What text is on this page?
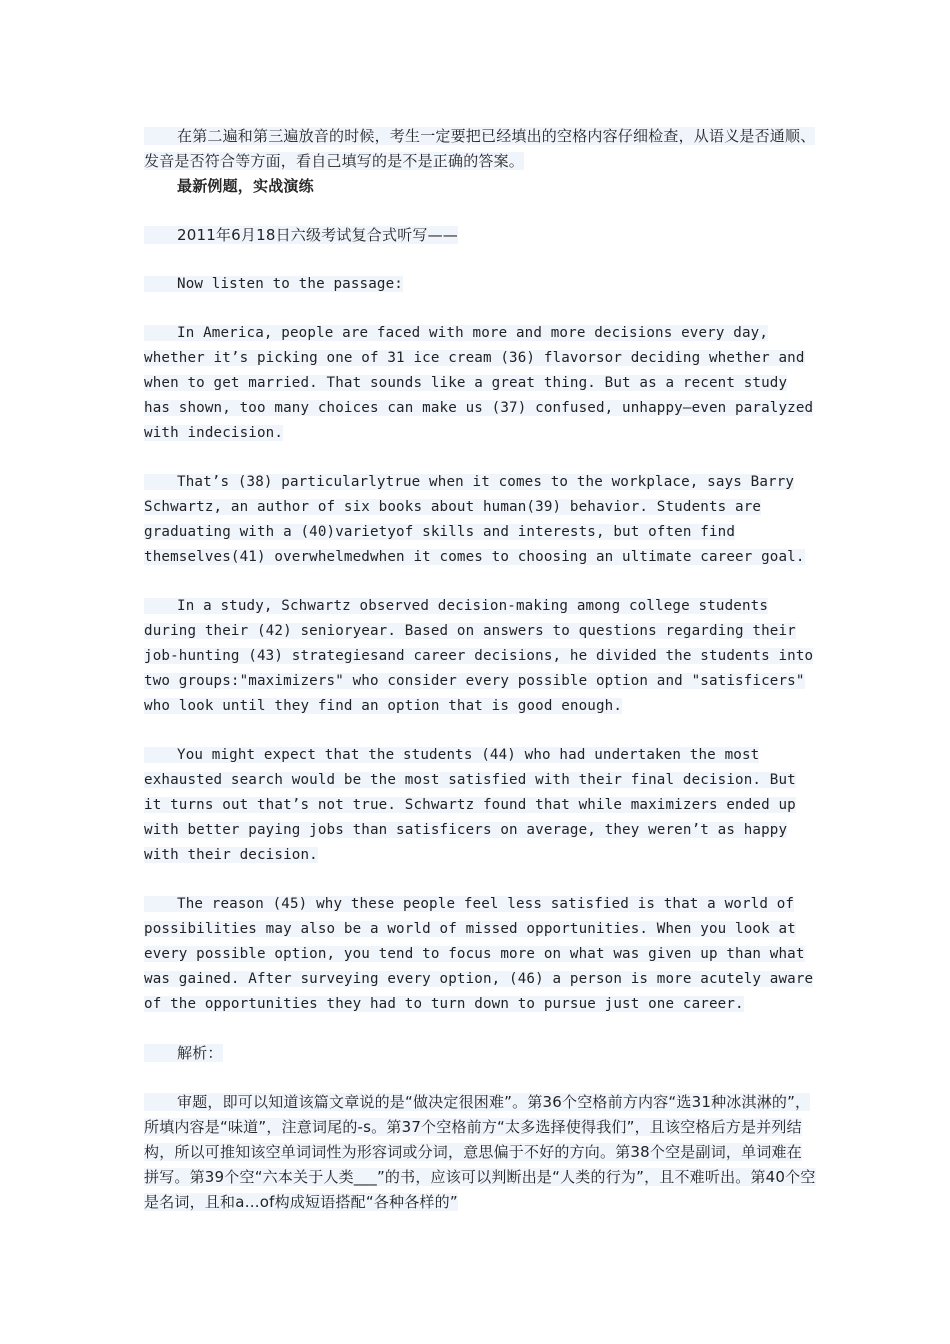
在第二遍和第三遍放音的时候，考生一定要把已经填出的空格内容仔细检查，从语义是否通顺、发音是否符合等方面，看自己填写的是不是正确的答案。

最新例题，实战演练

2011年6月18日六级考试复合式听写——

Now listen to the passage:

In America, people are faced with more and more decisions every day, whether it’s picking one of 31 ice cream (36) flavorsor deciding whether and when to get married. That sounds like a great thing. But as a recent study has shown, too many choices can make us (37) confused, unhappy—even paralyzed with indecision.

That’s (38) particularlytrue when it comes to the workplace, says Barry Schwartz, an author of six books about human(39) behavior. Students are graduating with a (40)varietyof skills and interests, but often find themselves(41) overwhelmedwhen it comes to choosing an ultimate career goal.

In a study, Schwartz observed decision-making among college students during their (42) senioryear. Based on answers to questions regarding their job-hunting (43) strategiesand career decisions, he divided the students into two groups:"maximizers" who consider every possible option and "satisficers" who look until they find an option that is good enough.

You might expect that the students (44) who had undertaken the most exhausted search would be the most satisfied with their final decision. But it turns out that’s not true. Schwartz found that while maximizers ended up with better paying jobs than satisficers on average, they weren’t as happy with their decision.

The reason (45) why these people feel less satisfied is that a world of possibilities may also be a world of missed opportunities. When you look at every possible option, you tend to focus more on what was given up than what was gained. After surveying every option, (46) a person is more acutely aware of the opportunities they had to turn down to pursue just one career.

解析：

审题，即可以知道该篇文章说的是“做决定很困难”。第36个空格前方内容“选31种冰淇淋的”，所填内容是“味道”，注意词尾的-s。第37个空格前方“太多选择使得我们”，且该空格后方是并列结构，所以可推知该空单词词性为形容词或分词，意思偏于不好的方向。第38个空是副词，单词难在拼写。第39个空“六本关于人类___”的书，应该可以判断出是“人类的行为”，且不难听出。第40个空是名词，且和a…of构成短语搭配“各种各样的”
